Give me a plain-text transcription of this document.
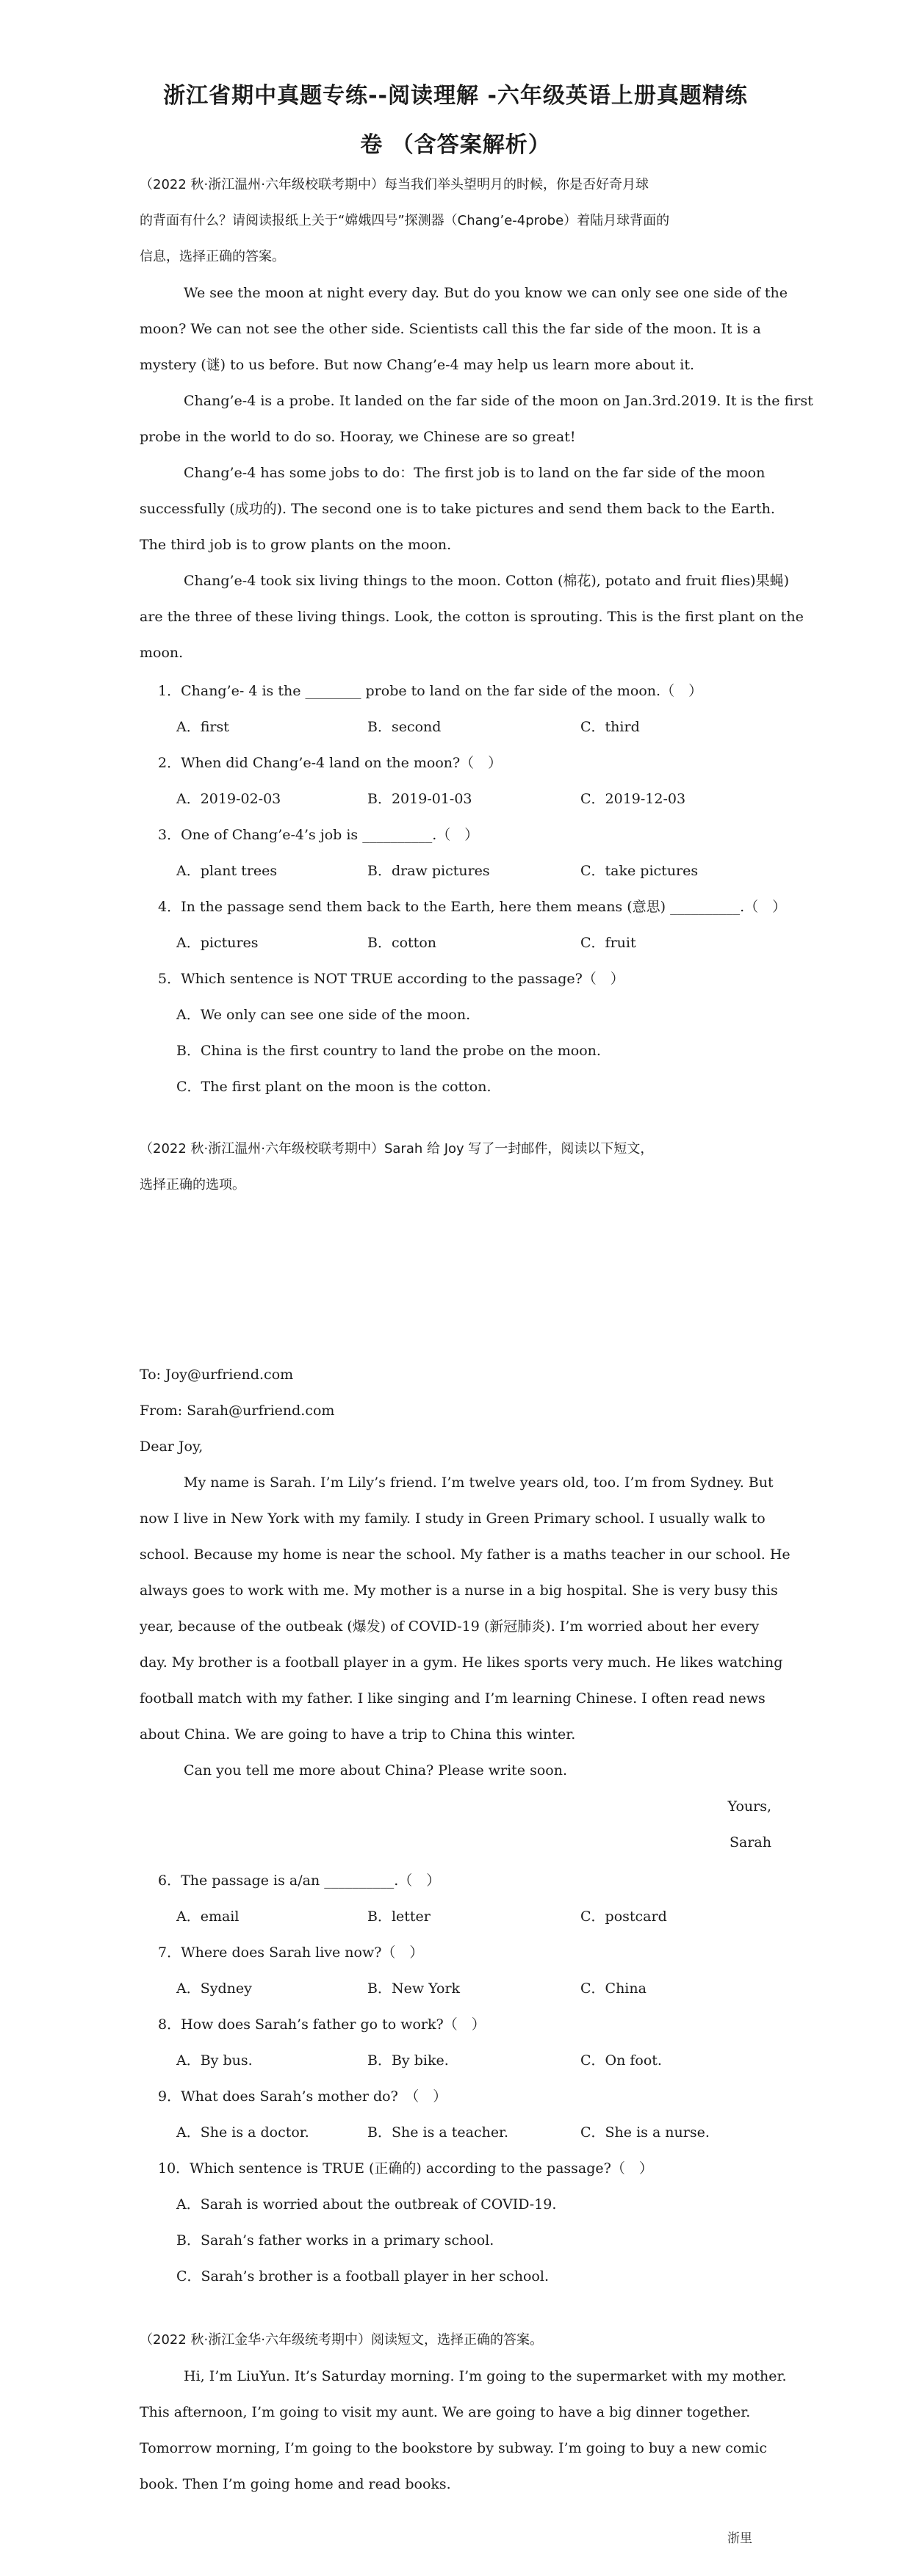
浙江省期中真题专练--阅读理解 -六年级英语上册真题精练
卷 （含答案解析）
（2022 秋·浙江温州·六年级校联考期中）每当我们举头望明月的时候，你是否好奇月球
的背面有什么？请阅读报纸上关于“嫦娥四号”探测器（Chang’e-4probe）着陆月球背面的
信息，选择正确的答案。
We see the moon at night every day. But do you know we can only see one side of the
moon? We can not see the other side. Scientists call this the far side of the moon. It is a
mystery (谜) to us before. But now Chang’e-4 may help us learn more about it.
Chang’e-4 is a probe. It landed on the far side of the moon on Jan.3rd.2019. It is the first
probe in the world to do so. Hooray, we Chinese are so great!
Chang’e-4 has some jobs to do：The first job is to land on the far side of the moon
successfully (成功的). The second one is to take pictures and send them back to the Earth.
The third job is to grow plants on the moon.
Chang’e-4 took six living things to the moon. Cotton (棉花), potato and fruit flies)果蝇)
are the three of these living things. Look, the cotton is sprouting. This is the first plant on the
moon.
1．Chang’e- 4 is the ________ probe to land on the far side of the moon.（　）
A．first	B．second	C．third
2．When did Chang’e-4 land on the moon?（　）
A．2019-02-03	B．2019-01-03	C．2019-12-03
3．One of Chang’e-4’s job is __________.（　）
A．plant trees	B．draw pictures	C．take pictures
4．In the passage send them back to the Earth, here them means (意思) __________.（　）
A．pictures	B．cotton	C．fruit
5．Which sentence is NOT TRUE according to the passage?（　）
A．We only can see one side of the moon.
B．China is the first country to land the probe on the moon.
C．The first plant on the moon is the cotton.
（2022 秋·浙江温州·六年级校联考期中）Sarah 给 Joy 写了一封邮件，阅读以下短文，
选择正确的选项。
To: Joy@urfriend.com
From: Sarah@urfriend.com
Dear Joy,
My name is Sarah. I’m Lily’s friend. I’m twelve years old, too. I’m from Sydney. But
now I live in New York with my family. I study in Green Primary school. I usually walk to
school. Because my home is near the school. My father is a maths teacher in our school. He
always goes to work with me. My mother is a nurse in a big hospital. She is very busy this
year, because of the outbeak (爆发) of COVID-19 (新冠肺炎). I’m worried about her every
day. My brother is a football player in a gym. He likes sports very much. He likes watching
football match with my father. I like singing and I’m learning Chinese. I often read news
about China. We are going to have a trip to China this winter.
Can you tell me more about China? Please write soon.
Yours,
Sarah
6．The passage is a/an __________.（　）
A．email	B．letter	C．postcard
7．Where does Sarah live now?（　）
A．Sydney	B．New York	C．China
8．How does Sarah’s father go to work?（　）
A．By bus.	B．By bike.	C．On foot.
9．What does Sarah’s mother do?　（　）
A．She is a doctor.	B．She is a teacher.	C．She is a nurse.
10．Which sentence is TRUE (正确的) according to the passage?（　）
A．Sarah is worried about the outbreak of COVID-19.
B．Sarah’s father works in a primary school.
C．Sarah’s brother is a football player in her school.
（2022 秋·浙江金华·六年级统考期中）阅读短文，选择正确的答案。
Hi, I’m LiuYun. It’s Saturday morning. I’m going to the supermarket with my mother.
This afternoon, I’m going to visit my aunt. We are going to have a big dinner together.
Tomorrow morning, I’m going to the bookstore by subway. I’m going to buy a new comic
book. Then I’m going home and read books.
浙里
